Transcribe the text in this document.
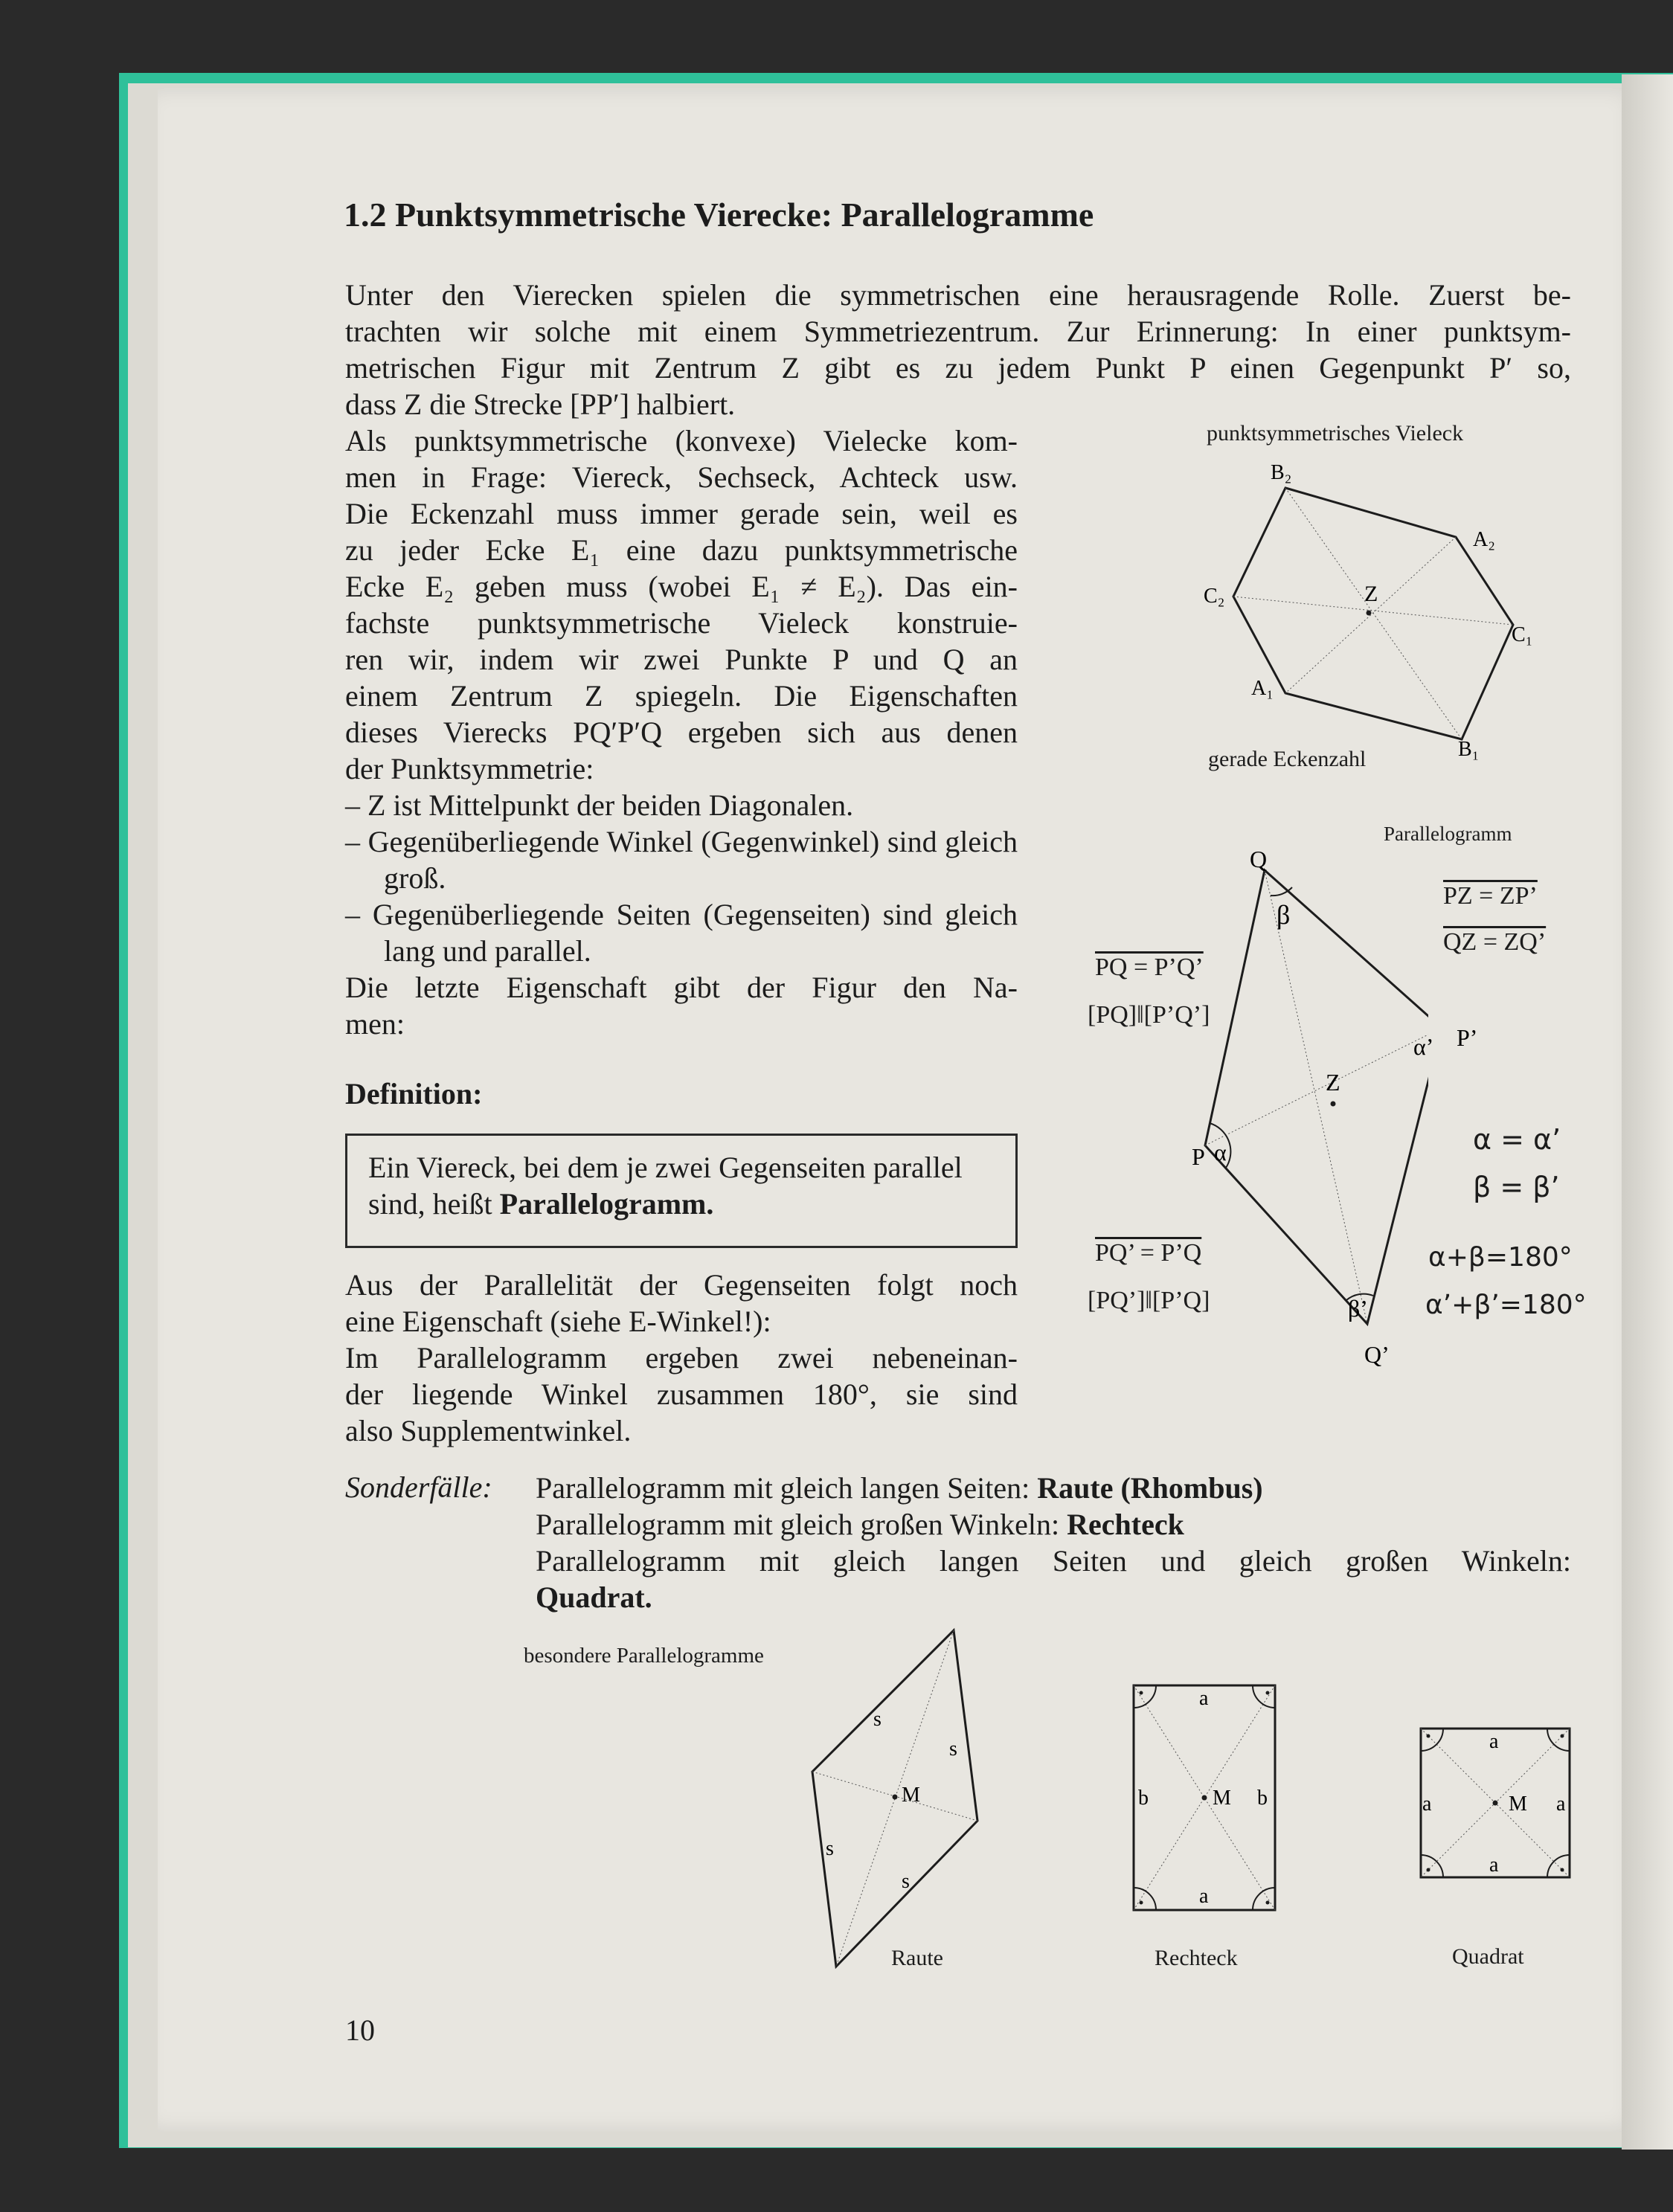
1.2 Punktsymmetrische Vierecke: Parallelogramme
Unter den Vierecken spielen die symmetrischen eine herausragende Rolle. Zuerst be-
trachten wir solche mit einem Symmetriezentrum. Zur Erinnerung: In einer punktsym-
metrischen Figur mit Zentrum Z gibt es zu jedem Punkt P einen Gegenpunkt P′ so,
dass Z die Strecke [PP′] halbiert.
Als punktsymmetrische (konvexe) Vielecke kom-
men in Frage: Viereck, Sechseck, Achteck usw.
Die Eckenzahl muss immer gerade sein, weil es
zu jeder Ecke E₁ eine dazu punktsymmetrische
Ecke E₂ geben muss (wobei E₁ ≠ E₂). Das ein-
fachste punktsymmetrische Vieleck konstruie-
ren wir, indem wir zwei Punkte P und Q an
einem Zentrum Z spiegeln. Die Eigenschaften
dieses Vierecks PQ′P′Q ergeben sich aus denen
der Punktsymmetrie:
– Z ist Mittelpunkt der beiden Diagonalen.
– Gegenüberliegende Winkel (Gegenwinkel) sind gleich groß.
– Gegenüberliegende Seiten (Gegenseiten) sind gleich lang und parallel.
Die letzte Eigenschaft gibt der Figur den Na-
men:
Definition:
Ein Viereck, bei dem je zwei Gegenseiten parallel sind, heißt Parallelogramm.
Aus der Parallelität der Gegenseiten folgt noch
eine Eigenschaft (siehe E-Winkel!):
Im Parallelogramm ergeben zwei nebeneinan-
der liegende Winkel zusammen 180°, sie sind
also Supplementwinkel.
Sonderfälle: Parallelogramm mit gleich langen Seiten: Raute (Rhombus)
Parallelogramm mit gleich großen Winkeln: Rechteck
Parallelogramm mit gleich langen Seiten und gleich großen Winkeln:
Quadrat.
punktsymmetrisches Vieleck
B₂
A₂
C₂
C₁
A₁
B₁
Z
gerade Eckenzahl
Parallelogramm
Q
β
Z
P α
β’
Q’
α’ P’
PZ = ZP’
QZ = ZQ’
PQ = P’Q’
[PQ]‖[P’Q’]
PQ’ = P’Q
[PQ’]‖[P’Q]
α = α’
β = β’
α+β=180°
α’+β’=180°
besondere Parallelogramme
s
s
M
s
s
Raute
a
a
b	b
M
Rechteck
a
a
a	a
M
Quadrat
10
